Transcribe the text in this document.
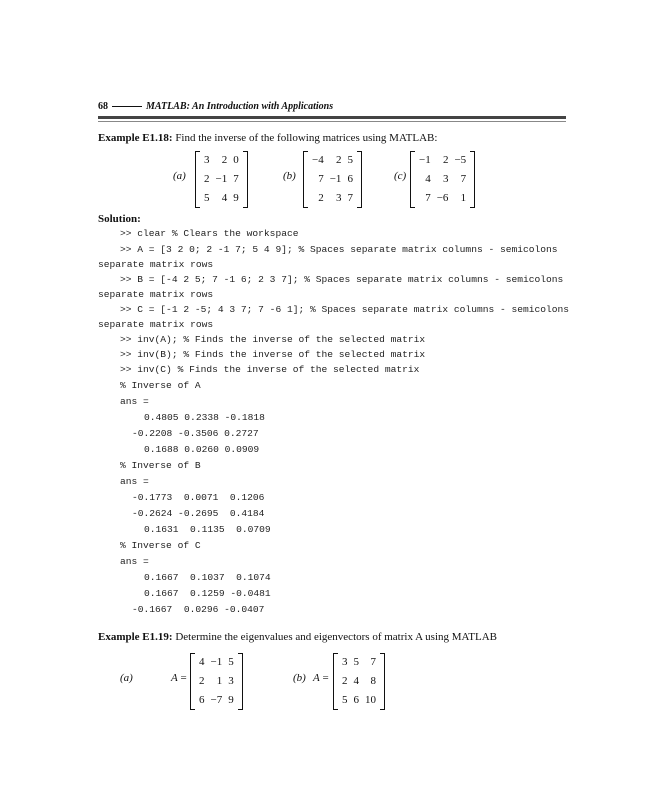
68	MATLAB: An Introduction with Applications
Example E1.18: Find the inverse of the following matrices using MATLAB:
(a)
3	2	0
2	−1	7
5	4	9
(b)
−4	2	5
7	−1	6
2	3	7
(c)
−1	2	−5
4	3	7
7	−6	1
Solution:
>> clear % Clears the workspace
>> A = [3 2 0; 2 -1 7; 5 4 9]; % Spaces separate matrix columns - semicolons
separate matrix rows
>> B = [-4 2 5; 7 -1 6; 2 3 7]; % Spaces separate matrix columns - semicolons
separate matrix rows
>> C = [-1 2 -5; 4 3 7; 7 -6 1]; % Spaces separate matrix columns - semicolons
separate matrix rows
>> inv(A); % Finds the inverse of the selected matrix
>> inv(B); % Finds the inverse of the selected matrix
>> inv(C) % Finds the inverse of the selected matrix
% Inverse of A
ans =
0.4805 0.2338 -0.1818
-0.2208 -0.3506 0.2727
0.1688 0.0260 0.0909
% Inverse of B
ans =
-0.1773  0.0071  0.1206
-0.2624 -0.2695  0.4184
0.1631  0.1135  0.0709
% Inverse of C
ans =
0.1667  0.1037  0.1074
0.1667  0.1259 -0.0481
-0.1667  0.0296 -0.0407
Example E1.19: Determine the eigenvalues and eigenvectors of matrix A using MATLAB
(a)	A =
4	−1	5
2	1	3
6	−7	9
(b) A =
3	5	7
2	4	8
5	6	10
